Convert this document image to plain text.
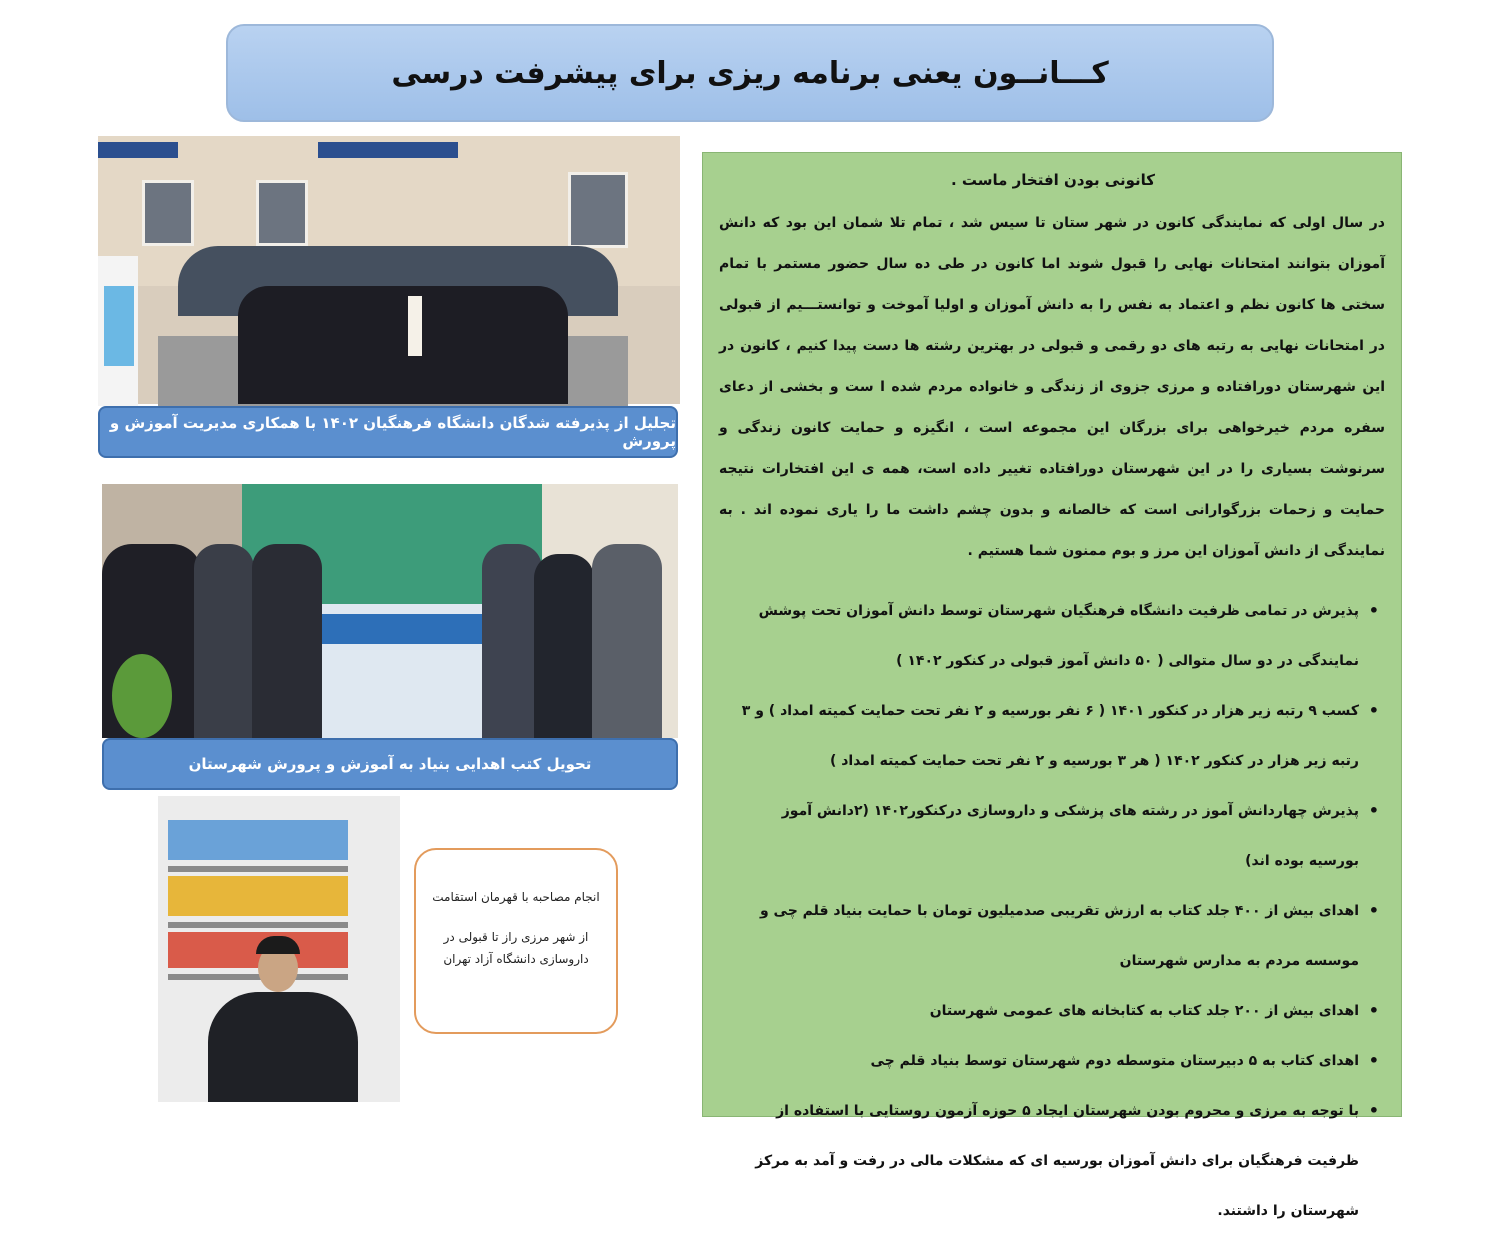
کـــانــون یعنی برنامه ریزی برای پیشرفت درسی
تجلیل از پذیرفته شدگان دانشگاه فرهنگیان ۱۴۰۲ با همکاری مدیریت آموزش و پرورش
تحویل کتب اهدایی بنیاد به آموزش و پرورش شهرستان
انجام مصاحبه با قهرمان استقامت
از شهر مرزی راز تا قبولی در
داروسازی دانشگاه آزاد تهران
کانونی بودن افتخار ماست .

در سال اولی که نمایندگی کانون در شهر ستان تا سیس شد ، تمام تلا شمان این بود که دانش آموزان بتوانند امتحانات نهایی را قبول شوند اما کانون در طی ده سال حضور مستمر با تمام سختی ها کانون نظم و اعتماد به نفس را به دانش آموزان و اولیا آموخت و توانستـــیم از قبولی در امتحانات نهایی به رتبه های دو رقمی و قبولی در بهترین رشته ها دست پیدا کنیم ، کانون در این شهرستان دورافتاده و مرزی جزوی از زندگی و خانواده مردم شده ا ست و بخشی از دعای سفره مردم خیرخواهی برای بزرگان این مجموعه است ، انگیزه و حمایت کانون زندگی و سرنوشت بسیاری را در این شهرستان دورافتاده تغییر داده است، همه ی این افتخارات نتیجه حمایت و زحمات بزرگوارانی است که خالصانه و بدون چشم داشت ما را یاری نموده اند . به نمایندگی از دانش آموزان این مرز و بوم ممنون شما هستیم .

• پذیرش در تمامی ظرفیت دانشگاه فرهنگیان شهرستان توسط دانش آموزان تحت پوشش نمایندگی در دو سال متوالی ( ۵۰ دانش آموز قبولی در کنکور ۱۴۰۲ )
• کسب ۹ رتبه زیر هزار در کنکور ۱۴۰۱ ( ۶ نفر بورسیه و ۲ نفر تحت حمایت کمیته امداد ) و ۳ رتبه زیر هزار در کنکور ۱۴۰۲ ( هر ۳ بورسیه و ۲ نفر تحت حمایت کمیته امداد )
• پذیرش چهاردانش آموز در رشته های پزشکی و داروسازی درکنکور۱۴۰۲ (۲دانش آموز بورسیه بوده اند)
• اهدای بیش از ۴۰۰ جلد کتاب به ارزش تقریبی صدمیلیون تومان با حمایت بنیاد قلم چی و موسسه مردم به مدارس شهرستان
• اهدای بیش از ۲۰۰ جلد کتاب به کتابخانه های عمومی شهرستان
• اهدای کتاب به ۵ دبیرستان متوسطه دوم شهرستان توسط بنیاد قلم چی
• با توجه به مرزی و محروم بودن شهرستان ایجاد ۵ حوزه آزمون روستایی با استفاده از ظرفیت فرهنگیان برای دانش آموزان بورسیه ای که مشکلات مالی در رفت و آمد به مرکز شهرستان را داشتند.
